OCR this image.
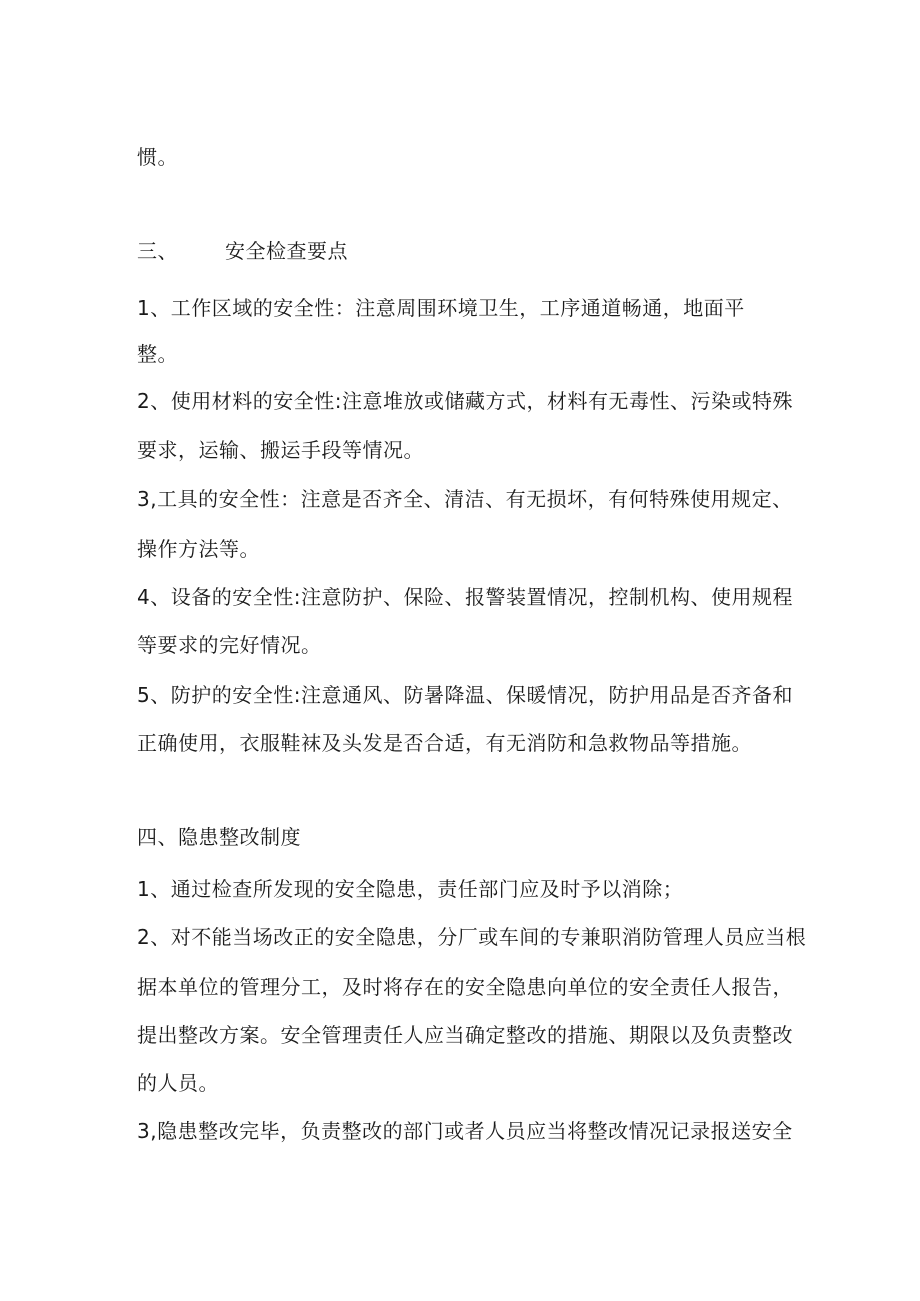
惯。
三、 安全检查要点
1、工作区域的安全性：注意周围环境卫生，工序通道畅通，地面平
整。
2、使用材料的安全性:注意堆放或储藏方式，材料有无毒性、污染或特殊
要求，运输、搬运手段等情况。
3,工具的安全性：注意是否齐全、清洁、有无损坏，有何特殊使用规定、
操作方法等。
4、设备的安全性:注意防护、保险、报警装置情况，控制机构、使用规程
等要求的完好情况。
5、防护的安全性:注意通风、防暑降温、保暖情况，防护用品是否齐备和
正确使用，衣服鞋袜及头发是否合适，有无消防和急救物品等措施。
四、隐患整改制度
1、通过检查所发现的安全隐患，责任部门应及时予以消除；
2、对不能当场改正的安全隐患，分厂或车间的专兼职消防管理人员应当根
据本单位的管理分工，及时将存在的安全隐患向单位的安全责任人报告，
提出整改方案。安全管理责任人应当确定整改的措施、期限以及负责整改
的人员。
3,隐患整改完毕，负责整改的部门或者人员应当将整改情况记录报送安全
